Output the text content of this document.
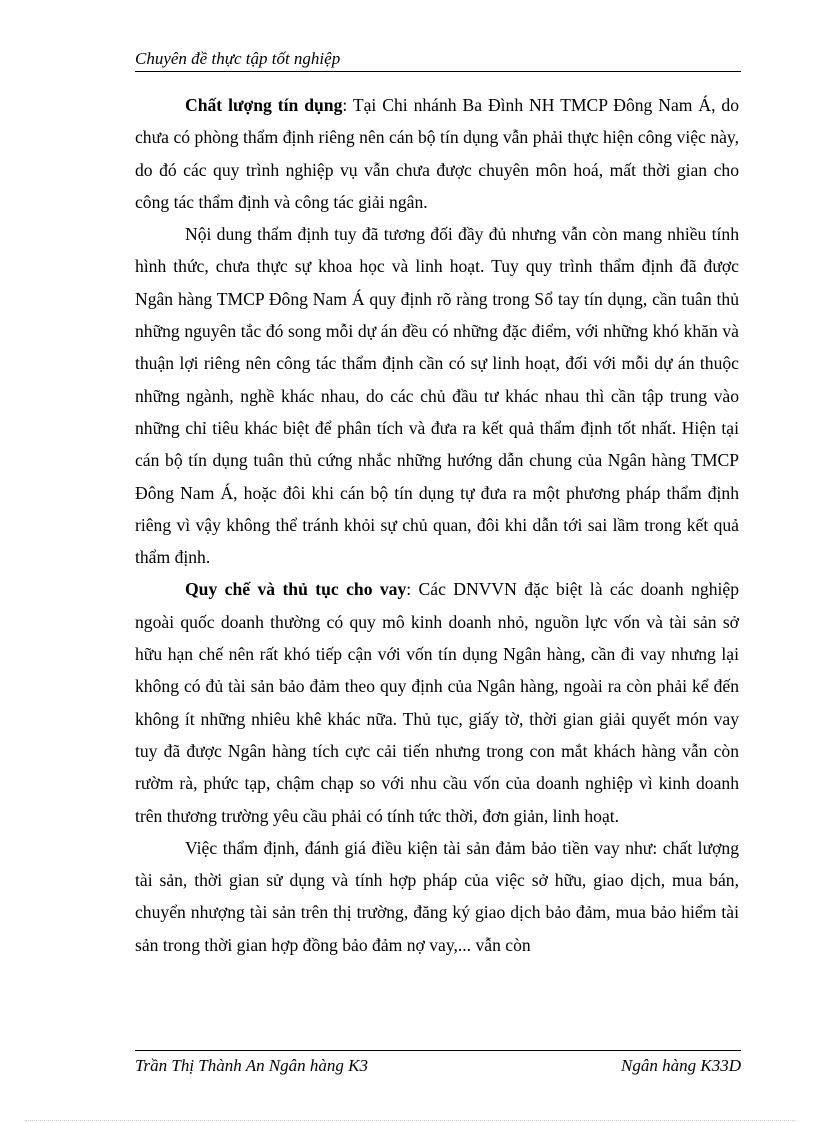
Chuyên đề thực tập tốt nghiệp

Chất lượng tín dụng: Tại Chi nhánh Ba Đình NH TMCP Đông Nam Á, do chưa có phòng thẩm định riêng nên cán bộ tín dụng vẫn phải thực hiện công việc này, do đó các quy trình nghiệp vụ vẫn chưa được chuyên môn hoá, mất thời gian cho công tác thẩm định và công tác giải ngân.

Nội dung thẩm định tuy đã tương đối đầy đủ nhưng vẫn còn mang nhiều tính hình thức, chưa thực sự khoa học và linh hoạt. Tuy quy trình thẩm định đã được Ngân hàng TMCP Đông Nam Á quy định rõ ràng trong Sổ tay tín dụng, cần tuân thủ những nguyên tắc đó song mỗi dự án đều có những đặc điểm, với những khó khăn và thuận lợi riêng nên công tác thẩm định cần có sự linh hoạt, đối với mỗi dự án thuộc những ngành, nghề khác nhau, do các chủ đầu tư khác nhau thì cần tập trung vào những chỉ tiêu khác biệt để phân tích và đưa ra kết quả thẩm định tốt nhất. Hiện tại cán bộ tín dụng tuân thủ cứng nhắc những hướng dẫn chung của Ngân hàng TMCP Đông Nam Á, hoặc đôi khi cán bộ tín dụng tự đưa ra một phương pháp thẩm định riêng vì vậy không thể tránh khỏi sự chủ quan, đôi khi dẫn tới sai lầm trong kết quả thẩm định.

Quy chế và thủ tục cho vay: Các DNVVN đặc biệt là các doanh nghiệp ngoài quốc doanh thường có quy mô kinh doanh nhỏ, nguồn lực vốn và tài sản sở hữu hạn chế nên rất khó tiếp cận với vốn tín dụng Ngân hàng, cần đi vay nhưng lại không có đủ tài sản bảo đảm theo quy định của Ngân hàng, ngoài ra còn phải kể đến không ít những nhiêu khê khác nữa. Thủ tục, giấy tờ, thời gian giải quyết món vay tuy đã được Ngân hàng tích cực cải tiến nhưng trong con mắt khách hàng vẫn còn rườm rà, phức tạp, chậm chạp so với nhu cầu vốn của doanh nghiệp vì kinh doanh trên thương trường yêu cầu phải có tính tức thời, đơn giản, linh hoạt.

Việc thẩm định, đánh giá điều kiện tài sản đảm bảo tiền vay như: chất lượng tài sản, thời gian sử dụng và tính hợp pháp của việc sở hữu, giao dịch, mua bán, chuyển nhượng tài sản trên thị trường, đăng ký giao dịch bảo đảm, mua bảo hiểm tài sản trong thời gian hợp đồng bảo đảm nợ vay,... vẫn còn

Trần Thị Thành An Ngân hàng K3	Ngân hàng K33D
